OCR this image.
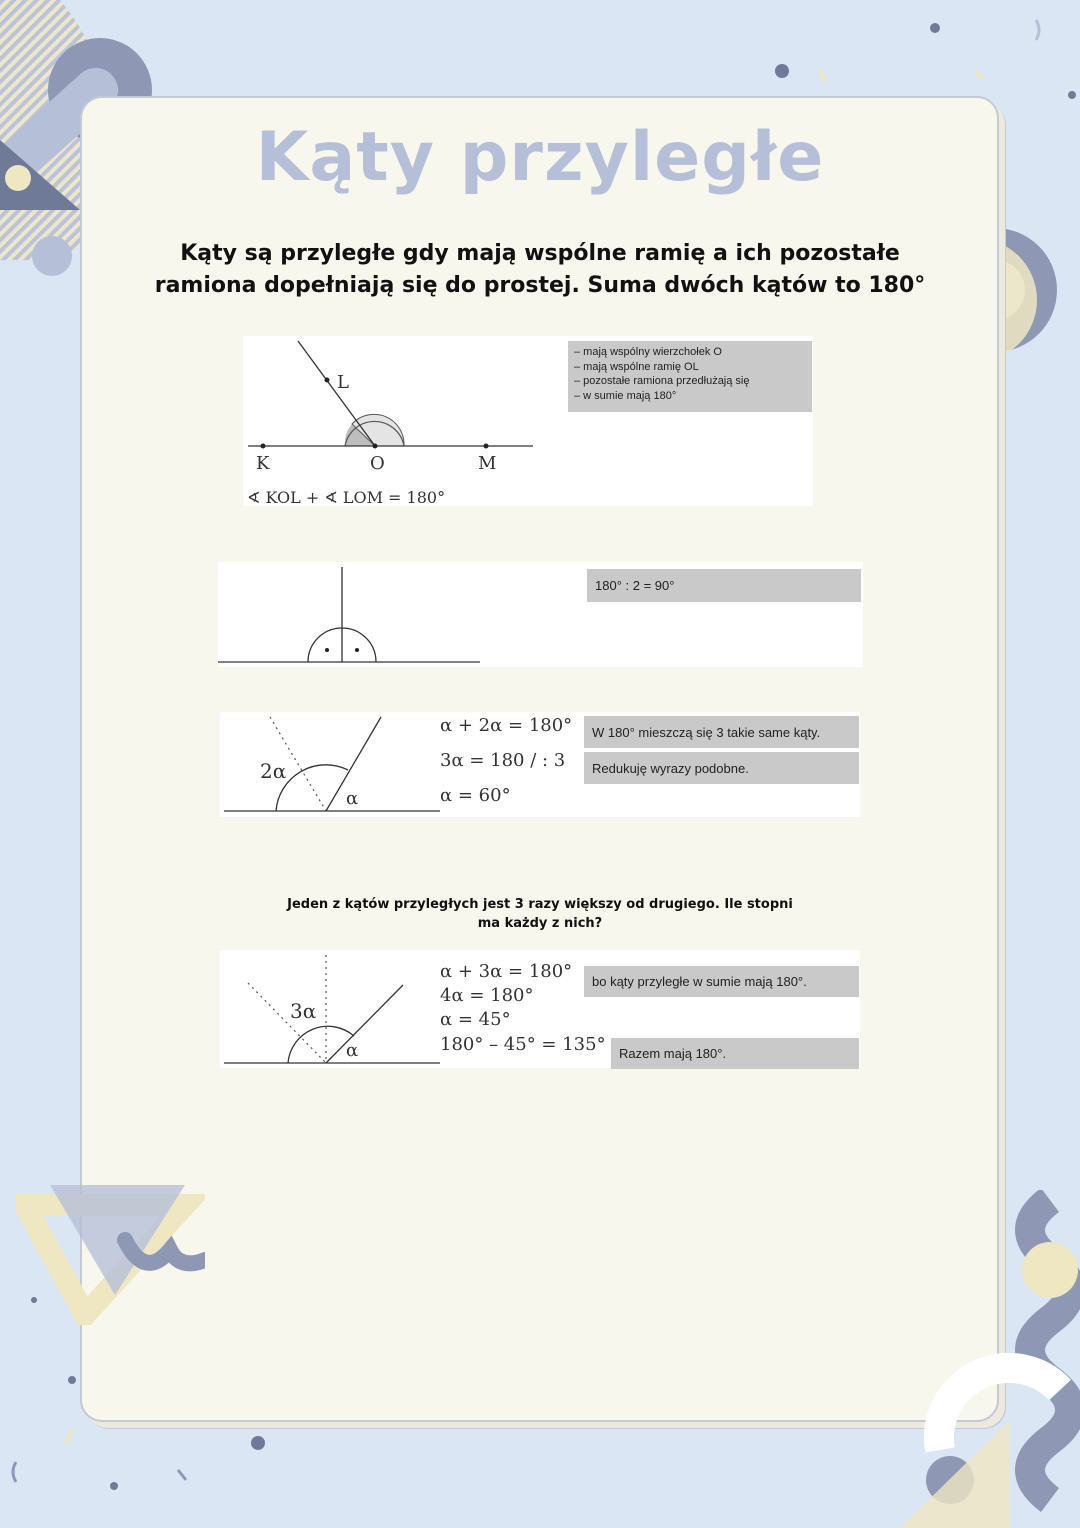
Kąty przyległe

Kąty są przyległe gdy mają wspólne ramię a ich pozostałe ramiona dopełniają się do prostej. Suma dwóch kątów to 180°

L
K	O	M
∢ KOL + ∢ LOM = 180°
– mają wspólny wierzchołek O
– mają wspólne ramię OL
– pozostałe ramiona przedłużają się
– w sumie mają 180°
180° : 2 = 90°
2α
α
α + 2α = 180°
3α = 180 / : 3
α = 60°
W 180° mieszczą się 3 takie same kąty.
Redukuję wyrazy podobne.

Jeden z kątów przyległych jest 3 razy większy od drugiego. Ile stopni
ma każdy z nich?

3α
α
α + 3α = 180°
4α = 180°
α = 45°
180° – 45° = 135°
bo kąty przyległe w sumie mają 180°.
Razem mają 180°.
